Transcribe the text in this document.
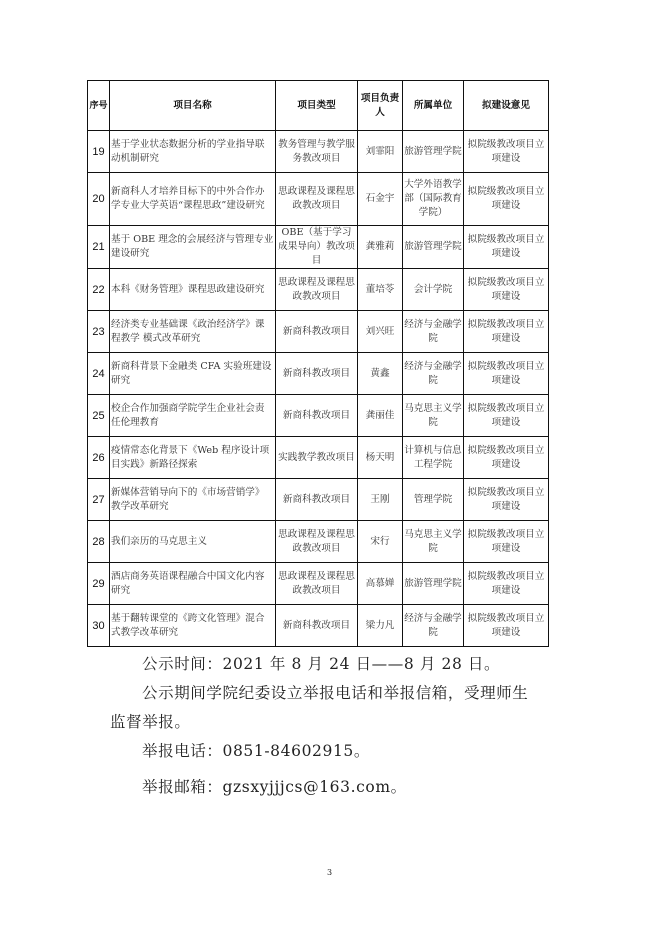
序号	项目名称	项目类型	项目负责人	所属单位	拟建设意见
19	基于学业状态数据分析的学业指导联动机制研究	教务管理与教学服务教改项目	刘霏阳	旅游管理学院	拟院级教改项目立项建设
20	新商科人才培养目标下的中外合作办学专业大学英语“课程思政”建设研究	思政课程及课程思政教改项目	石金宇	大学外语教学部（国际教育学院）	拟院级教改项目立项建设
21	基于 OBE 理念的会展经济与管理专业建设研究	OBE（基于学习成果导向）教改项目	龚雅莉	旅游管理学院	拟院级教改项目立项建设
22	本科《财务管理》课程思政建设研究	思政课程及课程思政教改项目	董培苓	会计学院	拟院级教改项目立项建设
23	经济类专业基础课《政治经济学》课程教学 模式改革研究	新商科教改项目	刘兴旺	经济与金融学院	拟院级教改项目立项建设
24	新商科背景下金融类 CFA 实验班建设研究	新商科教改项目	黄鑫	经济与金融学院	拟院级教改项目立项建设
25	校企合作加强商学院学生企业社会责任伦理教育	新商科教改项目	龚丽佳	马克思主义学院	拟院级教改项目立项建设
26	疫情常态化背景下《Web 程序设计项目实践》新路径探索	实践教学教改项目	杨天明	计算机与信息工程学院	拟院级教改项目立项建设
27	新媒体营销导向下的《市场营销学》教学改革研究	新商科教改项目	王刚	管理学院	拟院级教改项目立项建设
28	我们亲历的马克思主义	思政课程及课程思政教改项目	宋行	马克思主义学院	拟院级教改项目立项建设
29	酒店商务英语课程融合中国文化内容研究	思政课程及课程思政教改项目	高慕婵	旅游管理学院	拟院级教改项目立项建设
30	基于翻转课堂的《跨文化管理》混合式教学改革研究	新商科教改项目	梁力凡	经济与金融学院	拟院级教改项目立项建设
公示时间：2021 年 8 月 24 日——8 月 28 日。
公示期间学院纪委设立举报电话和举报信箱，受理师生
监督举报。
举报电话：0851-84602915。
举报邮箱：gzsxyjjjcs@163.com。
3
